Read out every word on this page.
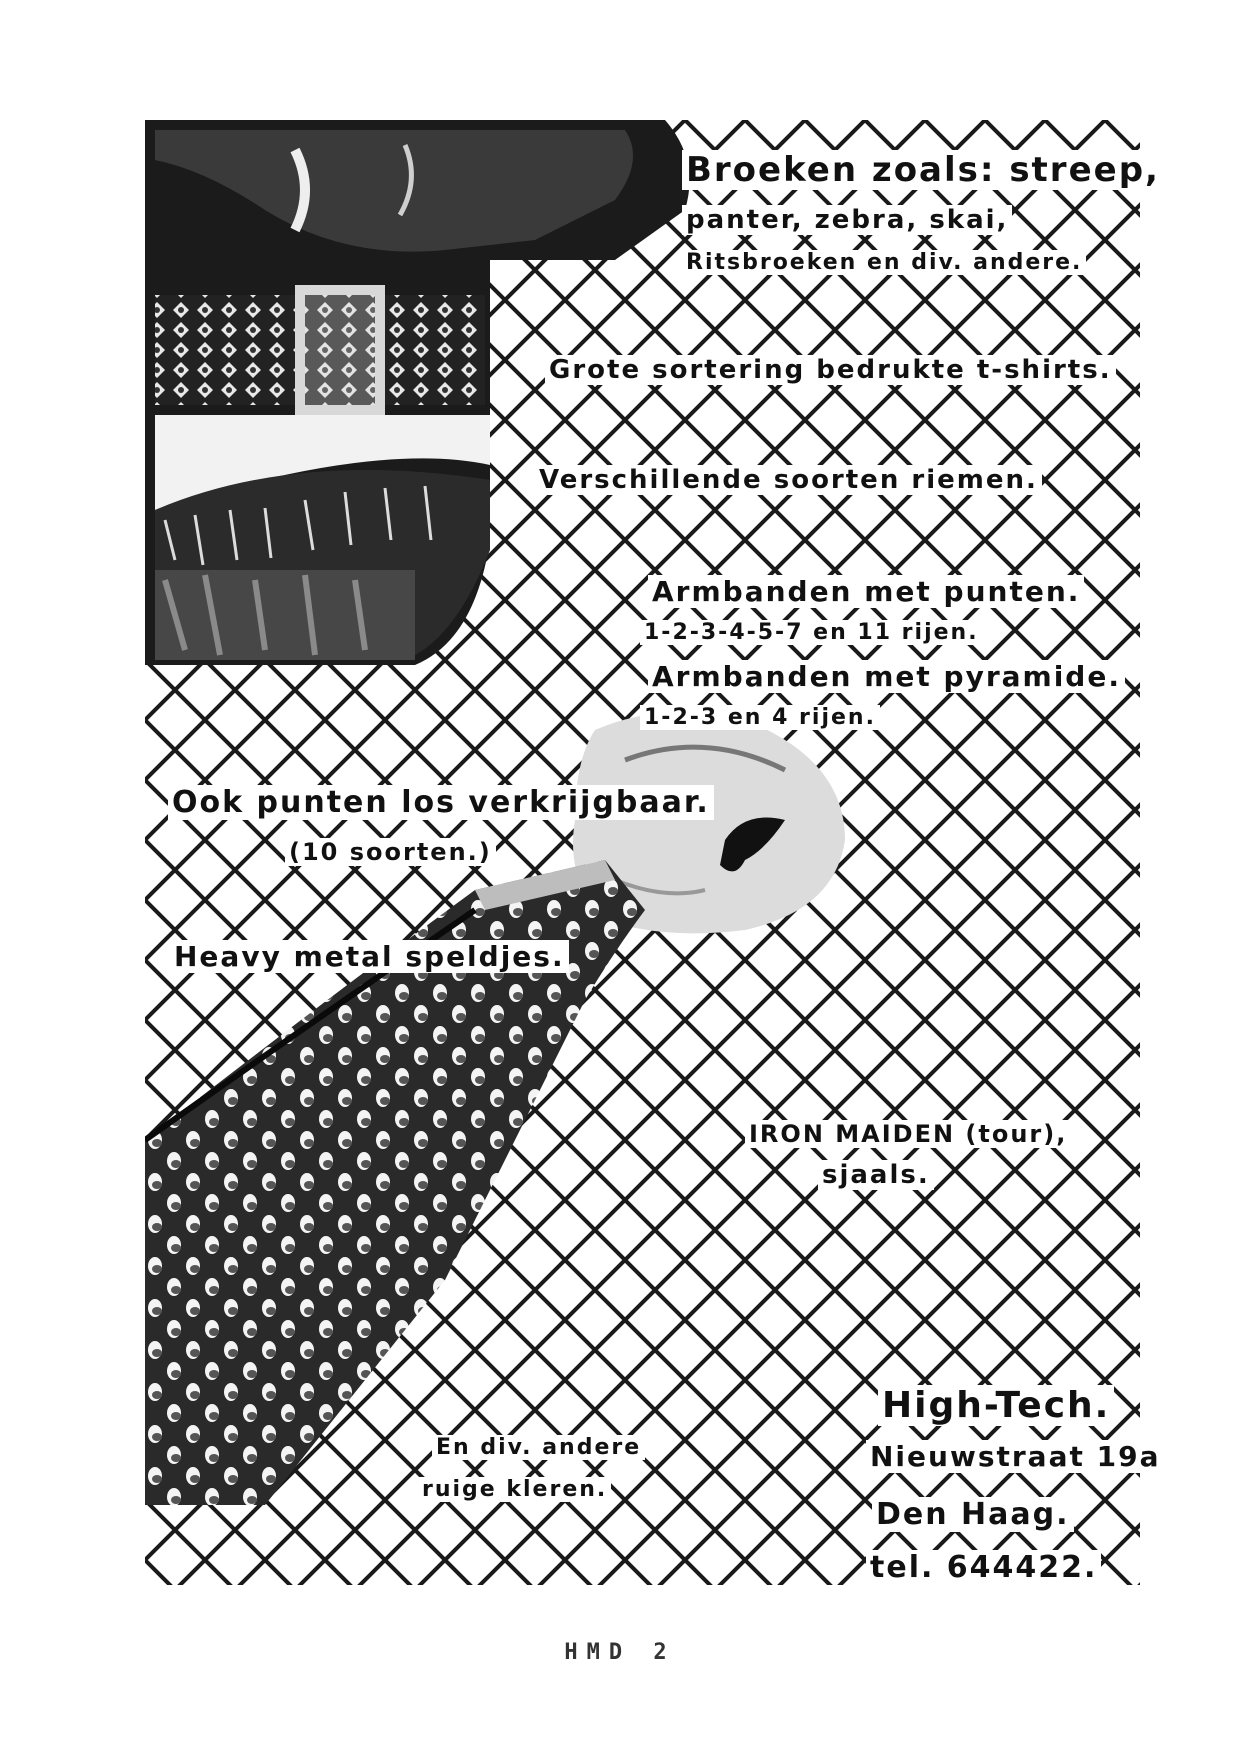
Broeken zoals: streep,
panter, zebra, skai,
Ritsbroeken en div. andere.
Grote sortering bedrukte t-shirts.
Verschillende soorten riemen.
Armbanden met punten.
1-2-3-4-5-7 en 11 rijen.
Armbanden met pyramide.
1-2-3 en 4 rijen.
Ook punten los verkrijgbaar.
(10 soorten.)
Heavy metal speldjes.
IRON MAIDEN (tour),
sjaals.
En div. andere
ruige kleren.
High-Tech.
Nieuwstraat 19a
Den Haag.
tel. 644422.
HMD 2
